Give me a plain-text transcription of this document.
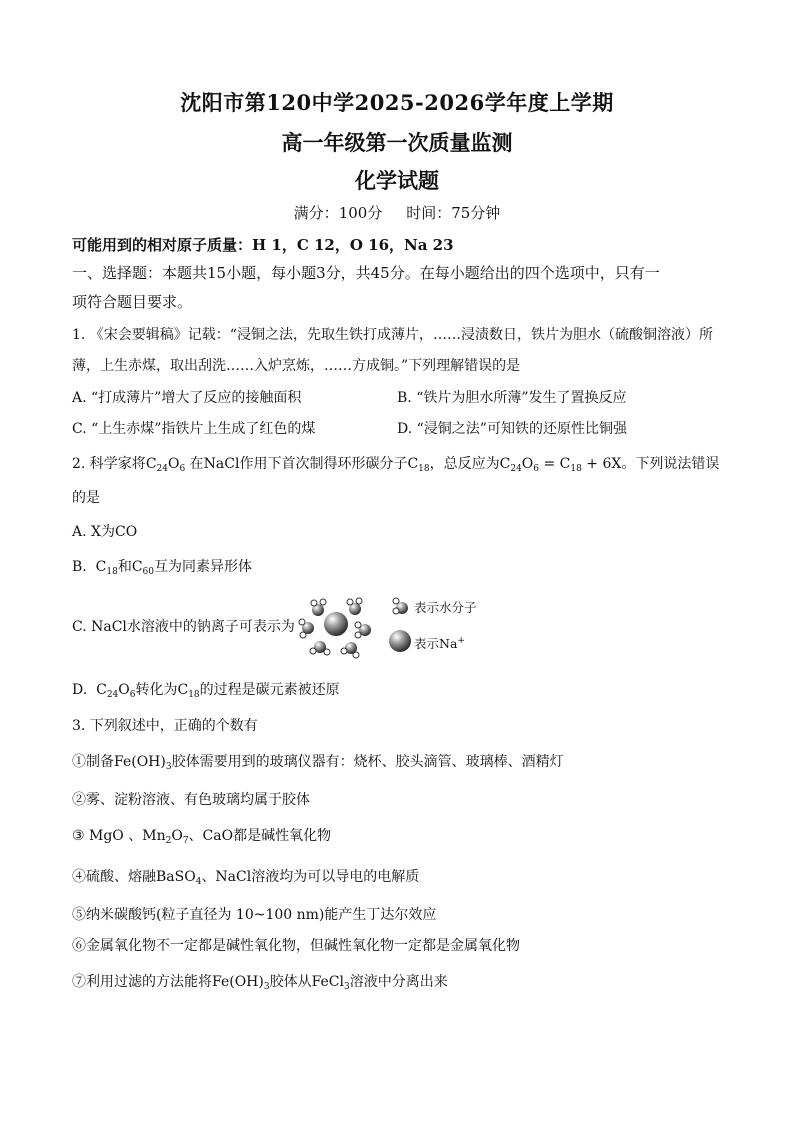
沈阳市第120中学2025-2026学年度上学期
高一年级第一次质量监测
化学试题
满分：100分 时间：75分钟
可能用到的相对原子质量：H 1，C 12，O 16，Na 23
一、选择题：本题共15小题，每小题3分，共45分。在每小题给出的四个选项中，只有一
项符合题目要求。
1. 《宋会要辑稿》记载：“浸铜之法，先取生铁打成薄片，……浸渍数日，铁片为胆水（硫酸铜溶液）所
薄，上生赤煤，取出刮洗……入炉烹炼，……方成铜。”下列理解错误的是
A. “打成薄片”增大了反应的接触面积	B. “铁片为胆水所薄”发生了置换反应
C. “上生赤煤”指铁片上生成了红色的煤	D. “浸铜之法”可知铁的还原性比铜强
2. 科学家将$C_{24}O_6$ 在NaCl作用下首次制得环形碳分子$C_{18}$，总反应为$C_{24}O_6 = C_{18} + 6X$。下列说法错误
的是
A. X为CO
B.  $C_{18}$和$C_{60}$互为同素异形体
C. NaCl水溶液中的钠离子可表示为
表示水分子
表示Na+
D.  $C_{24}O_6$转化为$C_{18}$的过程是碳元素被还原
3. 下列叙述中，正确的个数有
①制备$Fe(OH)_3$胶体需要用到的玻璃仪器有：烧杯、胶头滴管、玻璃棒、酒精灯
②雾、淀粉溶液、有色玻璃均属于胶体
③ MgO 、$Mn_2O_7$、CaO都是碱性氧化物
④硫酸、熔融BaSO$_4$、NaCl溶液均为可以导电的电解质
⑤纳米碳酸钙(粒子直径为 10~100 nm)能产生丁达尔效应
⑥金属氧化物不一定都是碱性氧化物，但碱性氧化物一定都是金属氧化物
⑦利用过滤的方法能将$Fe(OH)_3$胶体从FeCl$_3$溶液中分离出来
